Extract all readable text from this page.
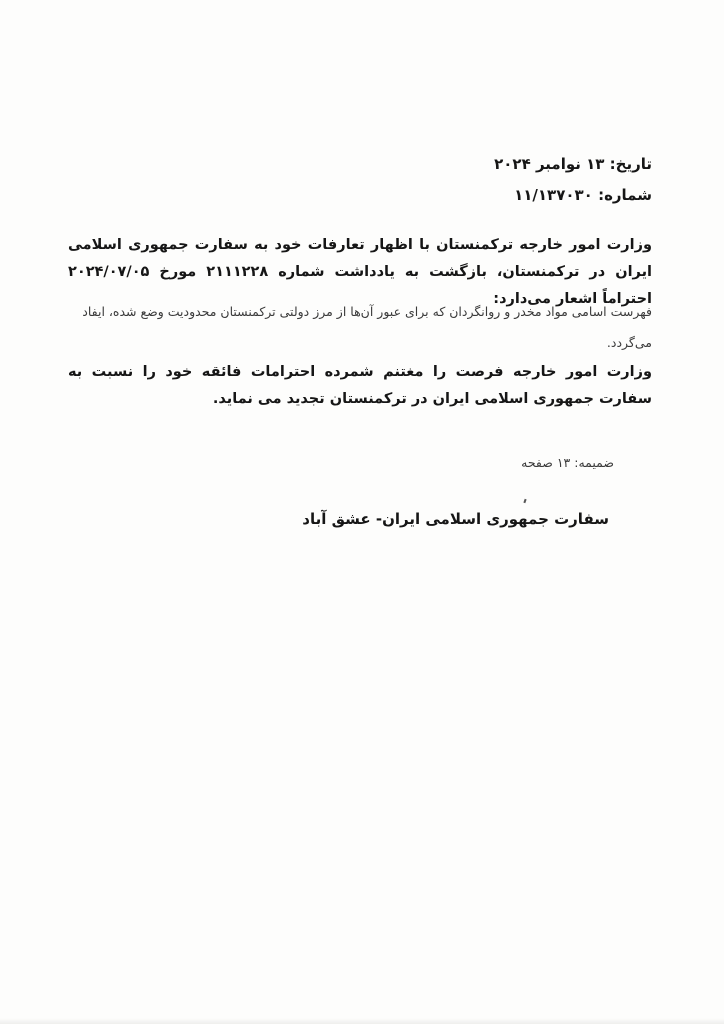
تاریخ: ۱۳ نوامبر ۲۰۲۴
شماره: ۱۱/۱۳۷۰۳۰
وزارت امور خارجه ترکمنستان با اظهار تعارفات خود به سفارت جمهوری اسلامی ایران در ترکمنستان، بازگشت به یادداشت شماره ۲۱۱۱۲۲۸ مورخ ۲۰۲۴/۰۷/۰۵ احتراماً اشعار می‌دارد:
فهرست اسامی مواد مخدر و روانگردان که برای عبور آن‌ها از مرز دولتی ترکمنستان محدودیت وضع شده، ایفاد می‌گردد.
وزارت امور خارجه فرصت را مغتنم شمرده احترامات فائقه خود را نسبت به سفارت جمهوری اسلامی ایران در ترکمنستان تجدید می نماید.
ضمیمه: ۱۳ صفحه
سفارت جمهوری اسلامی ایران- عشق آباد
